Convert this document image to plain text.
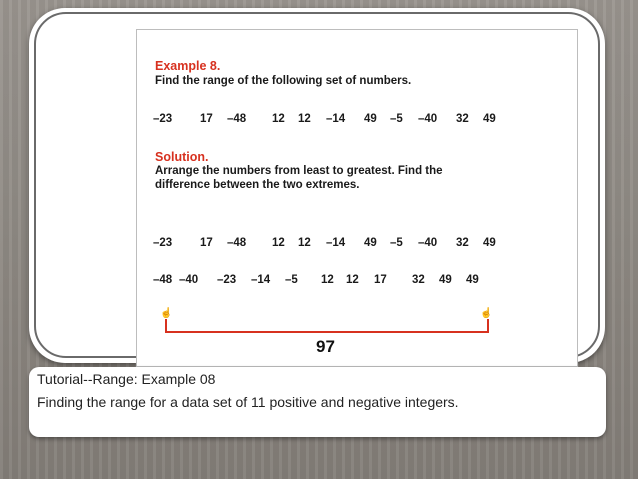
Example 8.
Find the range of the following set of numbers.
–23 17 –48 12 12 –14 49 –5 –40 32 49
Solution.
Arrange the numbers from least to greatest. Find the
difference between the two extremes.
–23 17 –48 12 12 –14 49 –5 –40 32 49
–48 –40 –23 –14 –5 12 12 17 32 49 49
☝	☝
97
Tutorial--Range: Example 08
Finding the range for a data set of 11 positive and negative integers.
